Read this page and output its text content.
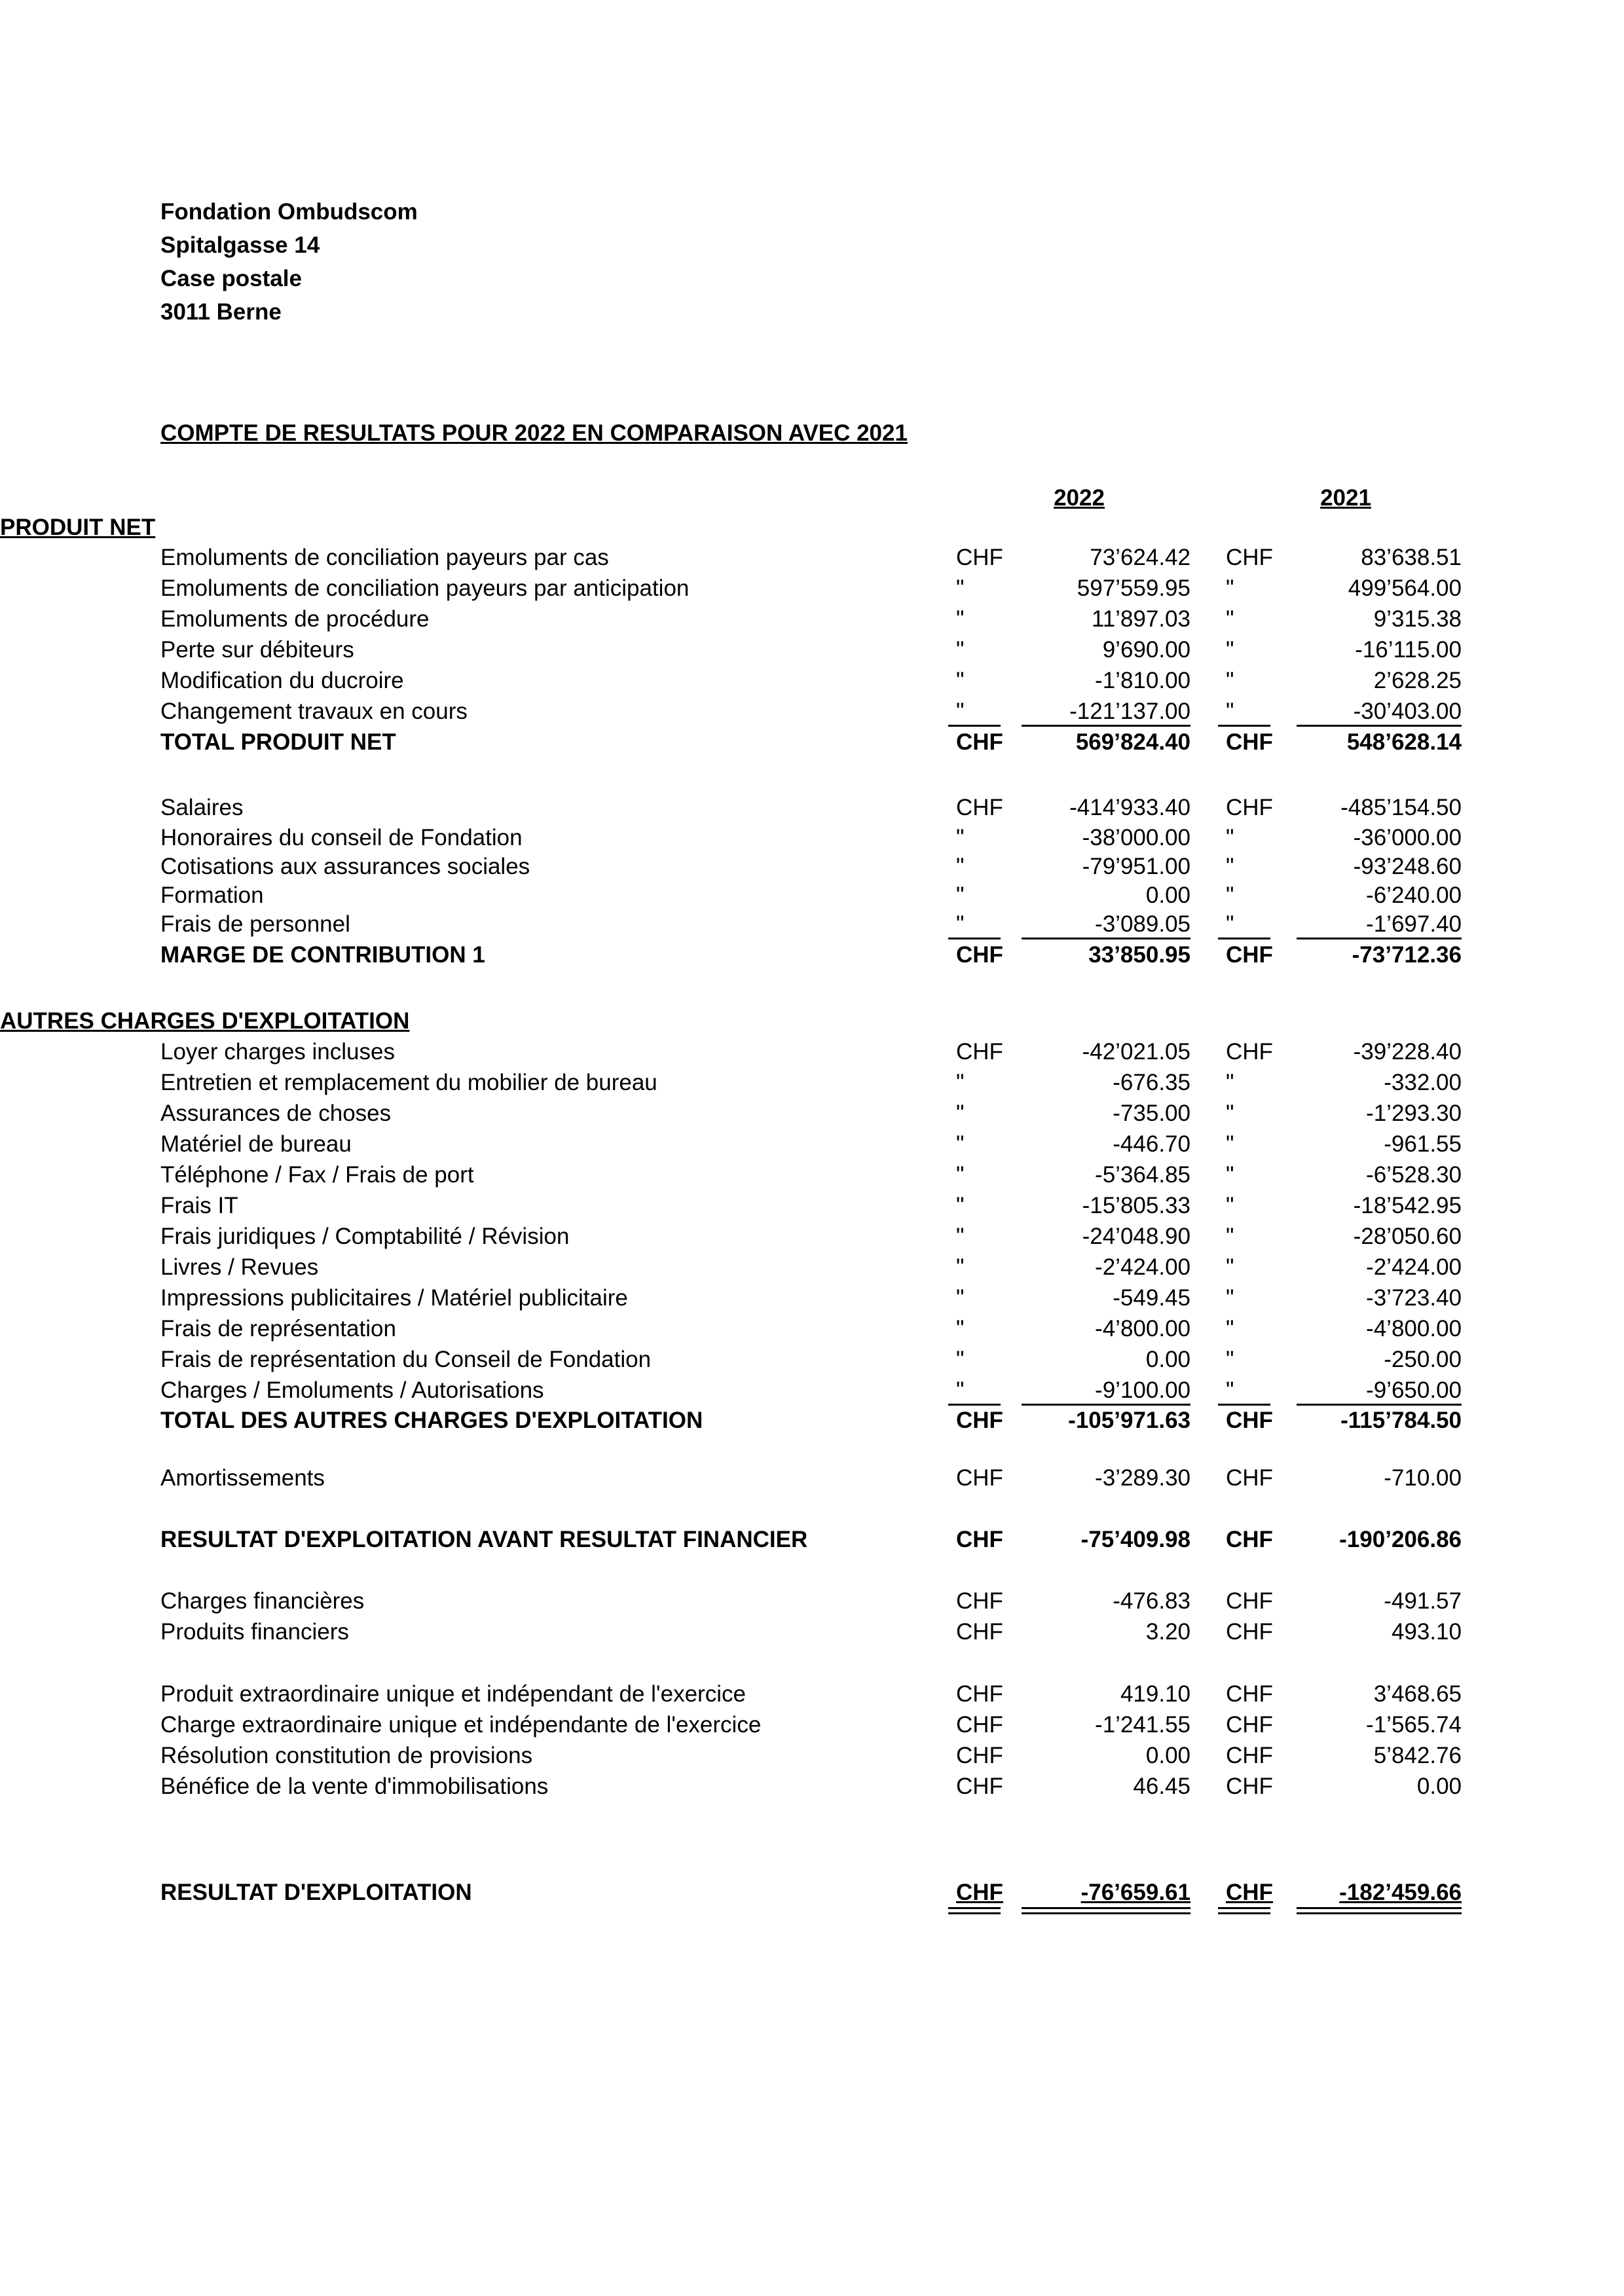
Fondation Ombudscom
Spitalgasse 14
Case postale
3011 Berne
COMPTE DE RESULTATS POUR 2022 EN COMPARAISON AVEC 2021
2022	2021
PRODUIT NET
Emoluments de conciliation payeurs par cas	CHF	73’624.42 CHF	83’638.51
Emoluments de conciliation payeurs par anticipation	"	597’559.95 "	499’564.00
Emoluments de procédure	"	11’897.03 "	9’315.38
Perte sur débiteurs	"	9’690.00 "	-16’115.00
Modification du ducroire	"	-1’810.00 "	2’628.25
Changement travaux en cours	"	-121’137.00 "	-30’403.00
TOTAL PRODUIT NET	CHF	569’824.40 CHF	548’628.14
Salaires	CHF	-414’933.40 CHF	-485’154.50
Honoraires du conseil de Fondation	"	-38’000.00 "	-36’000.00
Cotisations aux assurances sociales	"	-79’951.00 "	-93’248.60
Formation	"	0.00 "	-6’240.00
Frais de personnel	"	-3’089.05 "	-1’697.40
MARGE DE CONTRIBUTION 1	CHF	33’850.95 CHF	-73’712.36
AUTRES CHARGES D'EXPLOITATION
Loyer charges incluses	CHF	-42’021.05 CHF	-39’228.40
Entretien et remplacement du mobilier de bureau	"	-676.35 "	-332.00
Assurances de choses	"	-735.00 "	-1’293.30
Matériel de bureau	"	-446.70 "	-961.55
Téléphone / Fax / Frais de port	"	-5’364.85 "	-6’528.30
Frais IT	"	-15’805.33 "	-18’542.95
Frais juridiques / Comptabilité / Révision	"	-24’048.90 "	-28’050.60
Livres / Revues	"	-2’424.00 "	-2’424.00
Impressions publicitaires / Matériel publicitaire	"	-549.45 "	-3’723.40
Frais de représentation	"	-4’800.00 "	-4’800.00
Frais de représentation du Conseil de Fondation	"	0.00 "	-250.00
Charges / Emoluments / Autorisations	"	-9’100.00 "	-9’650.00
TOTAL DES AUTRES CHARGES D'EXPLOITATION	CHF	-105’971.63 CHF	-115’784.50
Amortissements	CHF	-3’289.30 CHF	-710.00
RESULTAT D'EXPLOITATION AVANT RESULTAT FINANCIER	CHF	-75’409.98 CHF	-190’206.86
Charges financières	CHF	-476.83 CHF	-491.57
Produits financiers	CHF	3.20 CHF	493.10
Produit extraordinaire unique et indépendant de l'exercice	CHF	419.10 CHF	3’468.65
Charge extraordinaire unique et indépendante de l'exercice	CHF	-1’241.55 CHF	-1’565.74
Résolution constitution de provisions	CHF	0.00 CHF	5’842.76
Bénéfice de la vente d'immobilisations	CHF	46.45 CHF	0.00
RESULTAT D'EXPLOITATION	CHF	-76’659.61 CHF	-182’459.66
